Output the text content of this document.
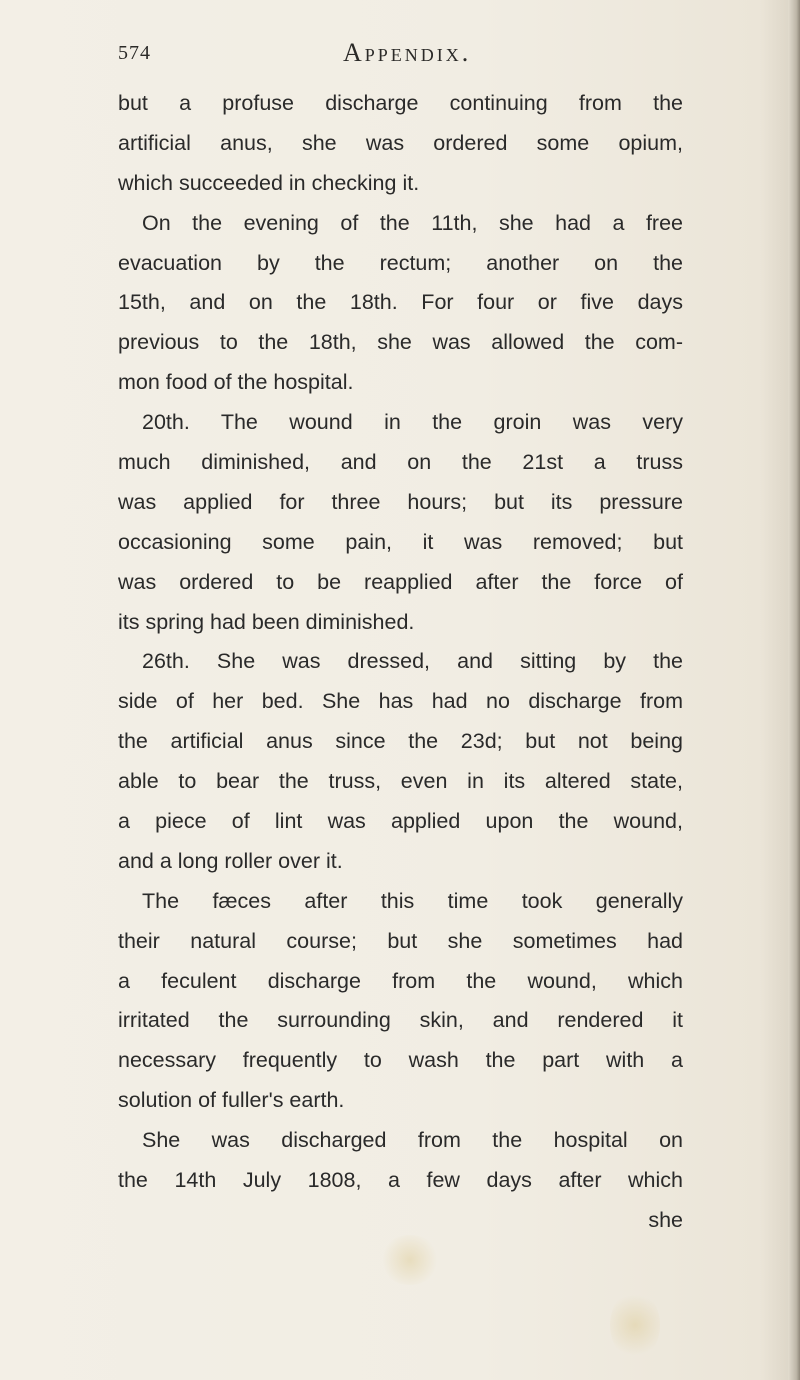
574	Appendix.
but a profuse discharge continuing from the
artificial anus, she was ordered some opium,
which succeeded in checking it.
On the evening of the 11th, she had a free
evacuation by the rectum; another on the
15th, and on the 18th. For four or five days
previous to the 18th, she was allowed the com-
mon food of the hospital.
20th. The wound in the groin was very
much diminished, and on the 21st a truss
was applied for three hours; but its pressure
occasioning some pain, it was removed; but
was ordered to be reapplied after the force of
its spring had been diminished.
26th. She was dressed, and sitting by the
side of her bed. She has had no discharge from
the artificial anus since the 23d; but not being
able to bear the truss, even in its altered state,
a piece of lint was applied upon the wound,
and a long roller over it.
The fæces after this time took generally
their natural course; but she sometimes had
a feculent discharge from the wound, which
irritated the surrounding skin, and rendered it
necessary frequently to wash the part with a
solution of fuller's earth.
She was discharged from the hospital on
the 14th July 1808, a few days after which
she
